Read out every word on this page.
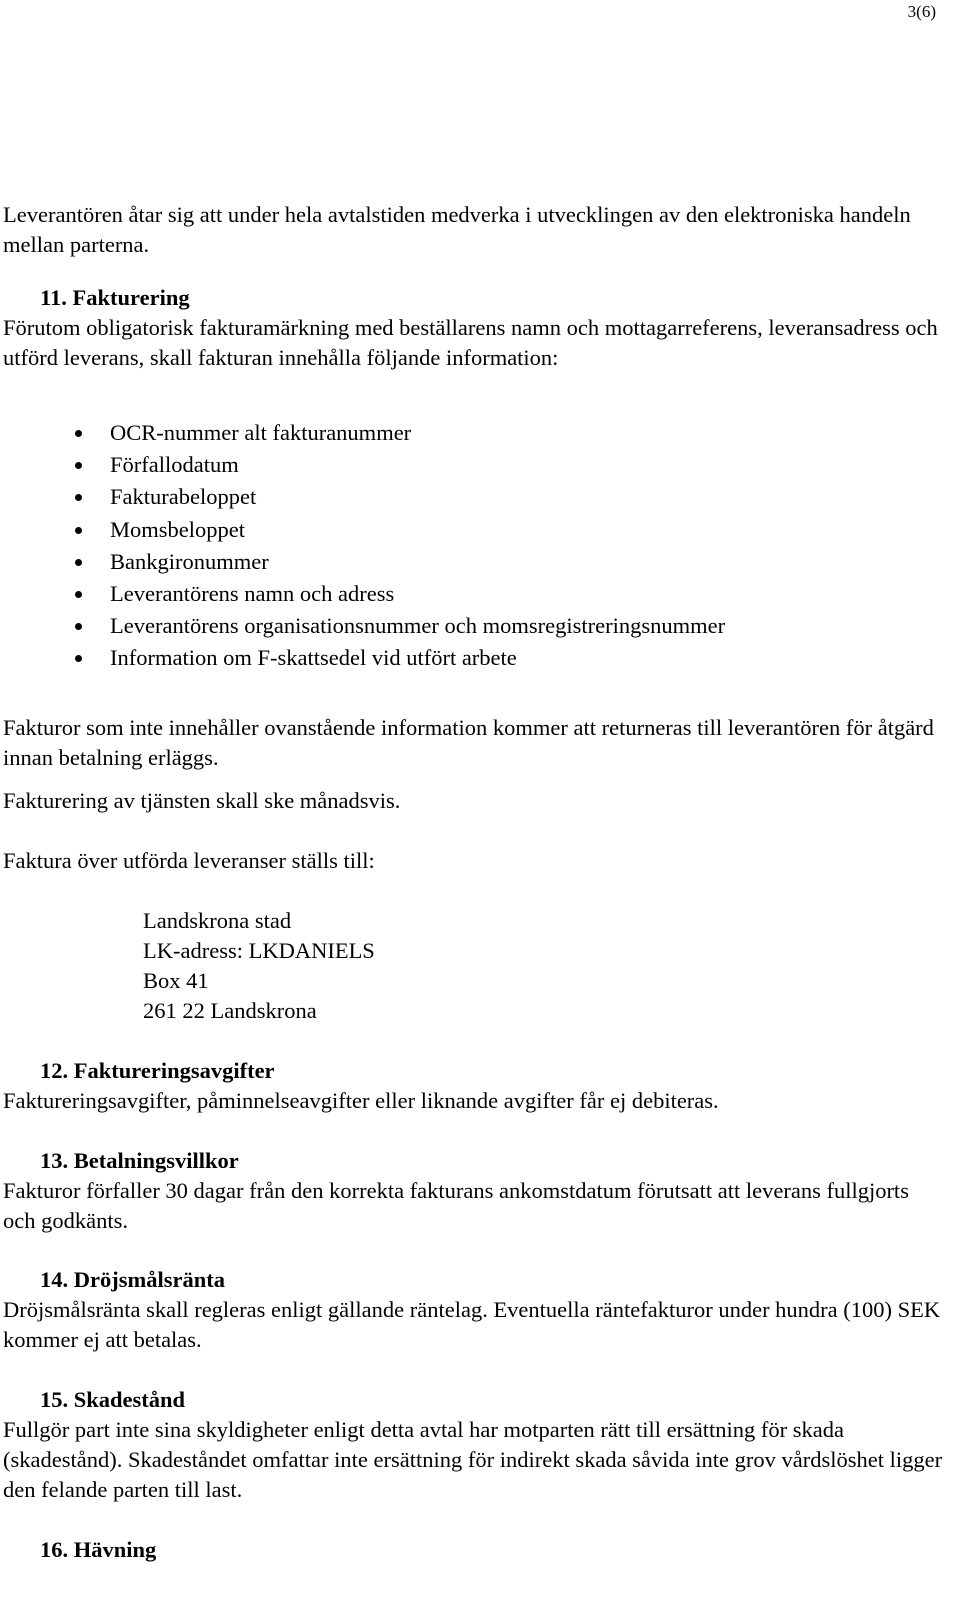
3(6)

Leverantören åtar sig att under hela avtalstiden medverka i utvecklingen av den elektroniska handeln mellan parterna.

11. Fakturering

Förutom obligatorisk fakturamärkning med beställarens namn och mottagarreferens, leveransadress och utförd leverans, skall fakturan innehålla följande information:

OCR-nummer alt fakturanummer
Förfallodatum
Fakturabeloppet
Momsbeloppet
Bankgironummer
Leverantörens namn och adress
Leverantörens organisationsnummer och momsregistreringsnummer
Information om F-skattsedel vid utfört arbete

Fakturor som inte innehåller ovanstående information kommer att returneras till leverantören för åtgärd innan betalning erläggs.

Fakturering av tjänsten skall ske månadsvis.

Faktura över utförda leveranser ställs till:

Landskrona stad
LK-adress: LKDANIELS
Box 41
261 22 Landskrona

12. Faktureringsavgifter

Faktureringsavgifter, påminnelseavgifter eller liknande avgifter får ej debiteras.

13. Betalningsvillkor

Fakturor förfaller 30 dagar från den korrekta fakturans ankomstdatum förutsatt att leverans fullgjorts och godkänts.

14. Dröjsmålsränta

Dröjsmålsränta skall regleras enligt gällande räntelag. Eventuella räntefakturor under hundra (100) SEK kommer ej att betalas.

15. Skadestånd

Fullgör part inte sina skyldigheter enligt detta avtal har motparten rätt till ersättning för skada (skadestånd). Skadeståndet omfattar inte ersättning för indirekt skada såvida inte grov vårdslöshet ligger den felande parten till last.

16. Hävning
